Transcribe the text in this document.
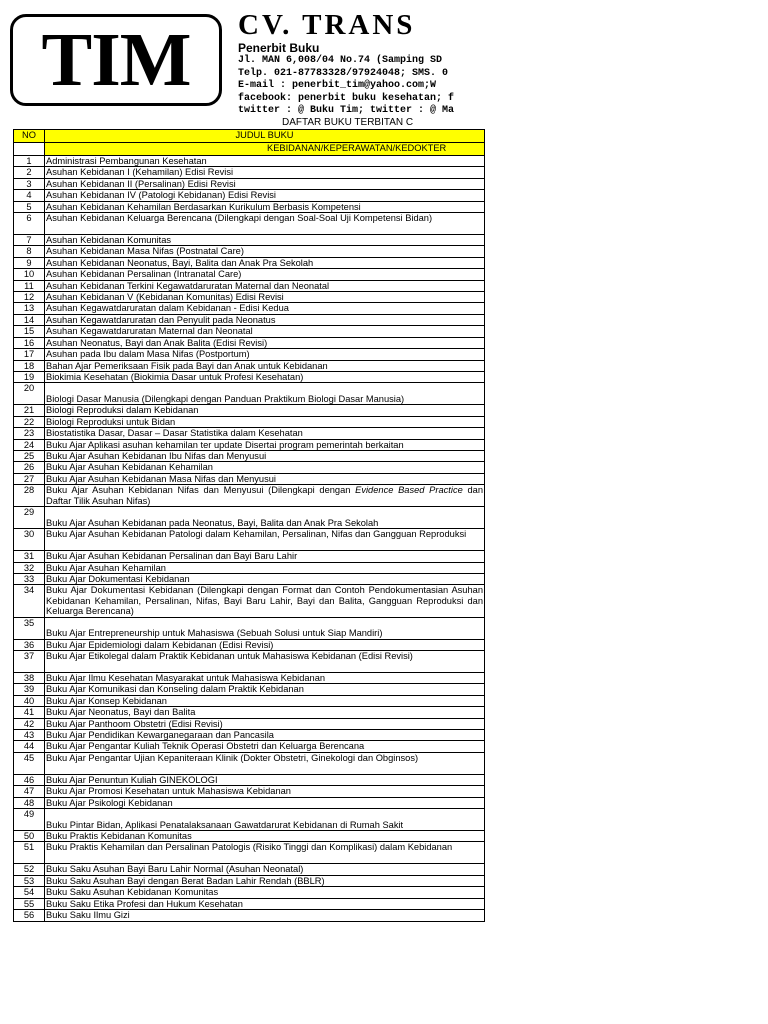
TIM CV. TRANS
Penerbit Buku
Jl. MAN 6,008/04 No.74 (Samping SD
Telp. 021-87783328/97924048; SMS. 0
E-mail : penerbit_tim@yahoo.com;W
facebook: penerbit buku kesehatan; f
twitter : @ Buku Tim; twitter : @ Ma
DAFTAR BUKU TERBITAN C
NO	JUDUL BUKU
	KEBIDANAN/KEPERAWATAN/KEDOKTER
1	Administrasi Pembangunan Kesehatan
2	Asuhan Kebidanan I (Kehamilan) Edisi Revisi
3	Asuhan Kebidanan II (Persalinan) Edisi Revisi
4	Asuhan Kebidanan IV (Patologi Kebidanan) Edisi Revisi
5	Asuhan Kebidanan Kehamilan Berdasarkan Kurikulum Berbasis Kompetensi
6	Asuhan Kebidanan Keluarga Berencana (Dilengkapi dengan Soal-Soal Uji Kompetensi Bidan)
7	Asuhan Kebidanan Komunitas
8	Asuhan Kebidanan Masa Nifas (Postnatal Care)
9	Asuhan Kebidanan Neonatus, Bayi, Balita dan Anak Pra Sekolah
10	Asuhan Kebidanan Persalinan (Intranatal Care)
11	Asuhan Kebidanan Terkini Kegawatdaruratan Maternal dan Neonatal
12	Asuhan Kebidanan V (Kebidanan Komunitas) Edisi Revisi
13	Asuhan Kegawatdaruratan dalam Kebidanan - Edisi Kedua
14	Asuhan Kegawatdaruratan dan Penyulit pada Neonatus
15	Asuhan Kegawatdaruratan Maternal dan Neonatal
16	Asuhan Neonatus, Bayi dan Anak Balita (Edisi Revisi)
17	Asuhan pada Ibu dalam Masa Nifas (Postportum)
18	Bahan Ajar Pemeriksaan Fisik pada Bayi dan Anak untuk Kebidanan
19	Biokimia Kesehatan (Biokimia Dasar untuk Profesi Kesehatan)
20	Biologi Dasar Manusia (Dilengkapi dengan Panduan Praktikum Biologi Dasar Manusia)
21	Biologi Reproduksi dalam Kebidanan
22	Biologi Reproduksi untuk Bidan
23	Biostatistika Dasar, Dasar – Dasar Statistika dalam Kesehatan
24	Buku Ajar Aplikasi asuhan kehamilan ter update Disertai program pemerintah berkaitan
25	Buku Ajar Asuhan Kebidanan Ibu Nifas dan Menyusui
26	Buku Ajar Asuhan Kebidanan Kehamilan
27	Buku Ajar Asuhan Kebidanan Masa Nifas dan Menyusui
28	Buku Ajar Asuhan Kebidanan Nifas dan Menyusui (Dilengkapi dengan Evidence Based Practice dan Daftar Tilik Asuhan Nifas)
29	Buku Ajar Asuhan Kebidanan pada Neonatus, Bayi, Balita dan Anak Pra Sekolah
30	Buku Ajar Asuhan Kebidanan Patologi dalam Kehamilan, Persalinan, Nifas dan Gangguan Reproduksi
31	Buku Ajar Asuhan Kebidanan Persalinan dan Bayi Baru Lahir
32	Buku Ajar Asuhan Kehamilan
33	Buku Ajar Dokumentasi Kebidanan
34	Buku Ajar Dokumentasi Kebidanan (Dilengkapi dengan Format dan Contoh Pendokumentasian Asuhan Kebidanan Kehamilan, Persalinan, Nifas, Bayi Baru Lahir, Bayi dan Balita, Gangguan Reproduksi dan Keluarga Berencana)
35	Buku Ajar Entrepreneurship untuk Mahasiswa (Sebuah Solusi untuk Siap Mandiri)
36	Buku Ajar Epidemiologi dalam Kebidanan (Edisi Revisi)
37	Buku Ajar Etikolegal dalam Praktik Kebidanan untuk Mahasiswa Kebidanan (Edisi Revisi)
38	Buku Ajar Ilmu Kesehatan Masyarakat untuk Mahasiswa Kebidanan
39	Buku Ajar Komunikasi dan Konseling dalam Praktik Kebidanan
40	Buku Ajar Konsep Kebidanan
41	Buku Ajar Neonatus, Bayi dan Balita
42	Buku Ajar Panthoom Obstetri (Edisi Revisi)
43	Buku Ajar Pendidikan Kewarganegaraan dan Pancasila
44	Buku Ajar Pengantar Kuliah Teknik Operasi Obstetri dan Keluarga Berencana
45	Buku Ajar Pengantar Ujian Kepaniteraan Klinik (Dokter Obstetri, Ginekologi dan Obginsos)
46	Buku Ajar Penuntun Kuliah GINEKOLOGI
47	Buku Ajar Promosi Kesehatan untuk Mahasiswa Kebidanan
48	Buku Ajar Psikologi Kebidanan
49	Buku Pintar Bidan, Aplikasi Penatalaksanaan Gawatdarurat Kebidanan di Rumah Sakit
50	Buku Praktis Kebidanan Komunitas
51	Buku Praktis Kehamilan dan Persalinan Patologis (Risiko Tinggi dan Komplikasi) dalam Kebidanan
52	Buku Saku Asuhan Bayi Baru Lahir Normal (Asuhan Neonatal)
53	Buku Saku Asuhan Bayi dengan Berat Badan Lahir Rendah (BBLR)
54	Buku Saku Asuhan Kebidanan Komunitas
55	Buku Saku Etika Profesi dan Hukum Kesehatan
56	Buku Saku Ilmu Gizi
